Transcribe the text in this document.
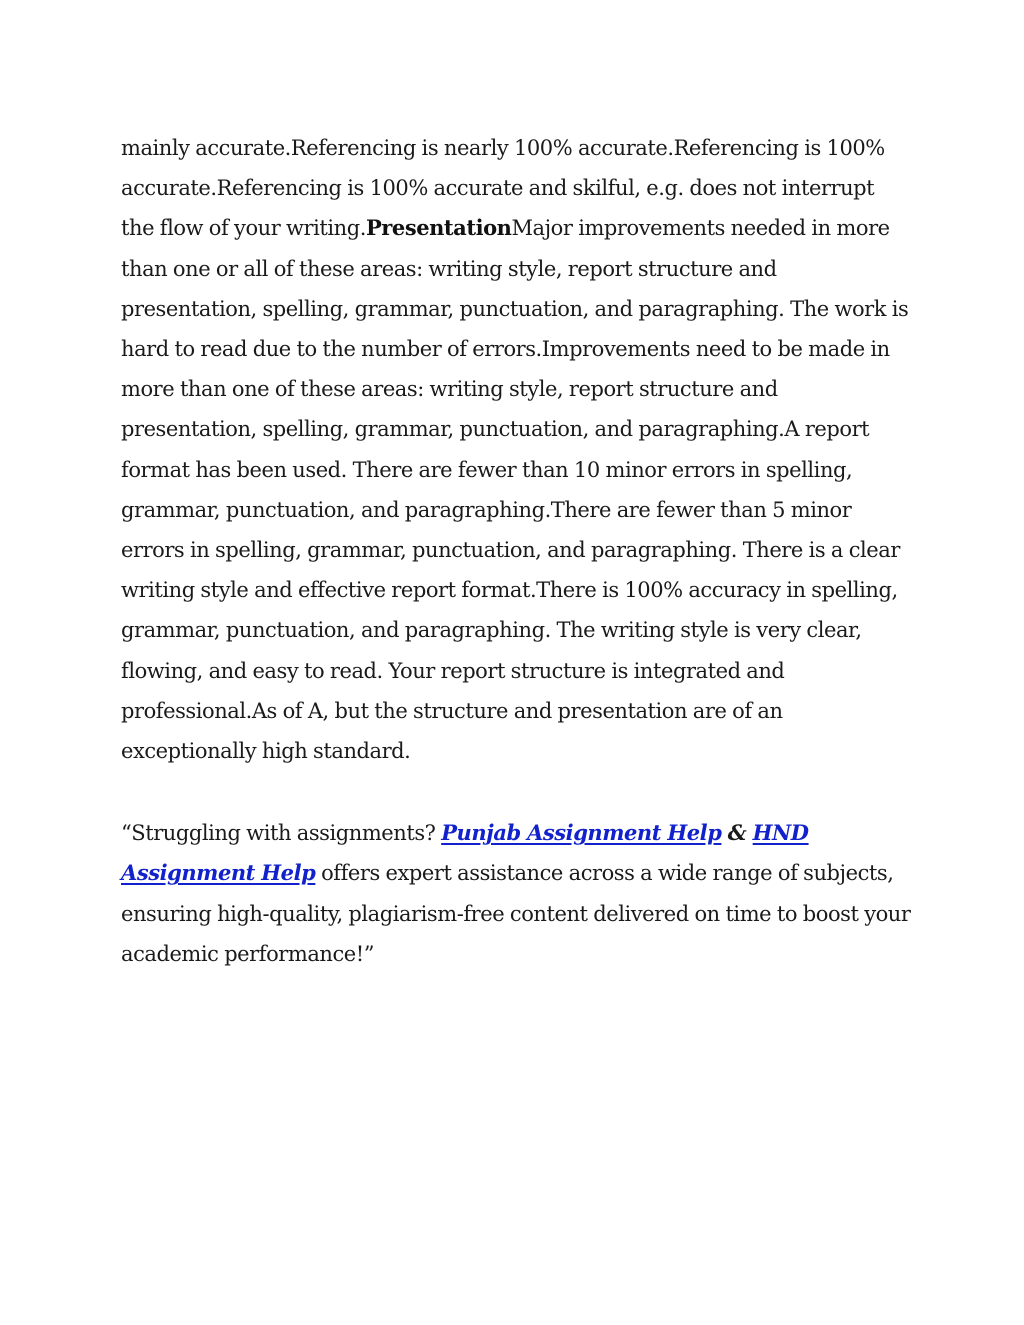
mainly accurate.Referencing is nearly 100% accurate.Referencing is 100% accurate.Referencing is 100% accurate and skilful, e.g. does not interrupt the flow of your writing.PresentationMajor improvements needed in more than one or all of these areas: writing style, report structure and presentation, spelling, grammar, punctuation, and paragraphing. The work is hard to read due to the number of errors.Improvements need to be made in more than one of these areas: writing style, report structure and presentation, spelling, grammar, punctuation, and paragraphing.A report format has been used. There are fewer than 10 minor errors in spelling, grammar, punctuation, and paragraphing.There are fewer than 5 minor errors in spelling, grammar, punctuation, and paragraphing. There is a clear writing style and effective report format.There is 100% accuracy in spelling, grammar, punctuation, and paragraphing. The writing style is very clear, flowing, and easy to read. Your report structure is integrated and professional.As of A, but the structure and presentation are of an exceptionally high standard.

“Struggling with assignments? Punjab Assignment Help & HND Assignment Help offers expert assistance across a wide range of subjects, ensuring high-quality, plagiarism-free content delivered on time to boost your academic performance!”
